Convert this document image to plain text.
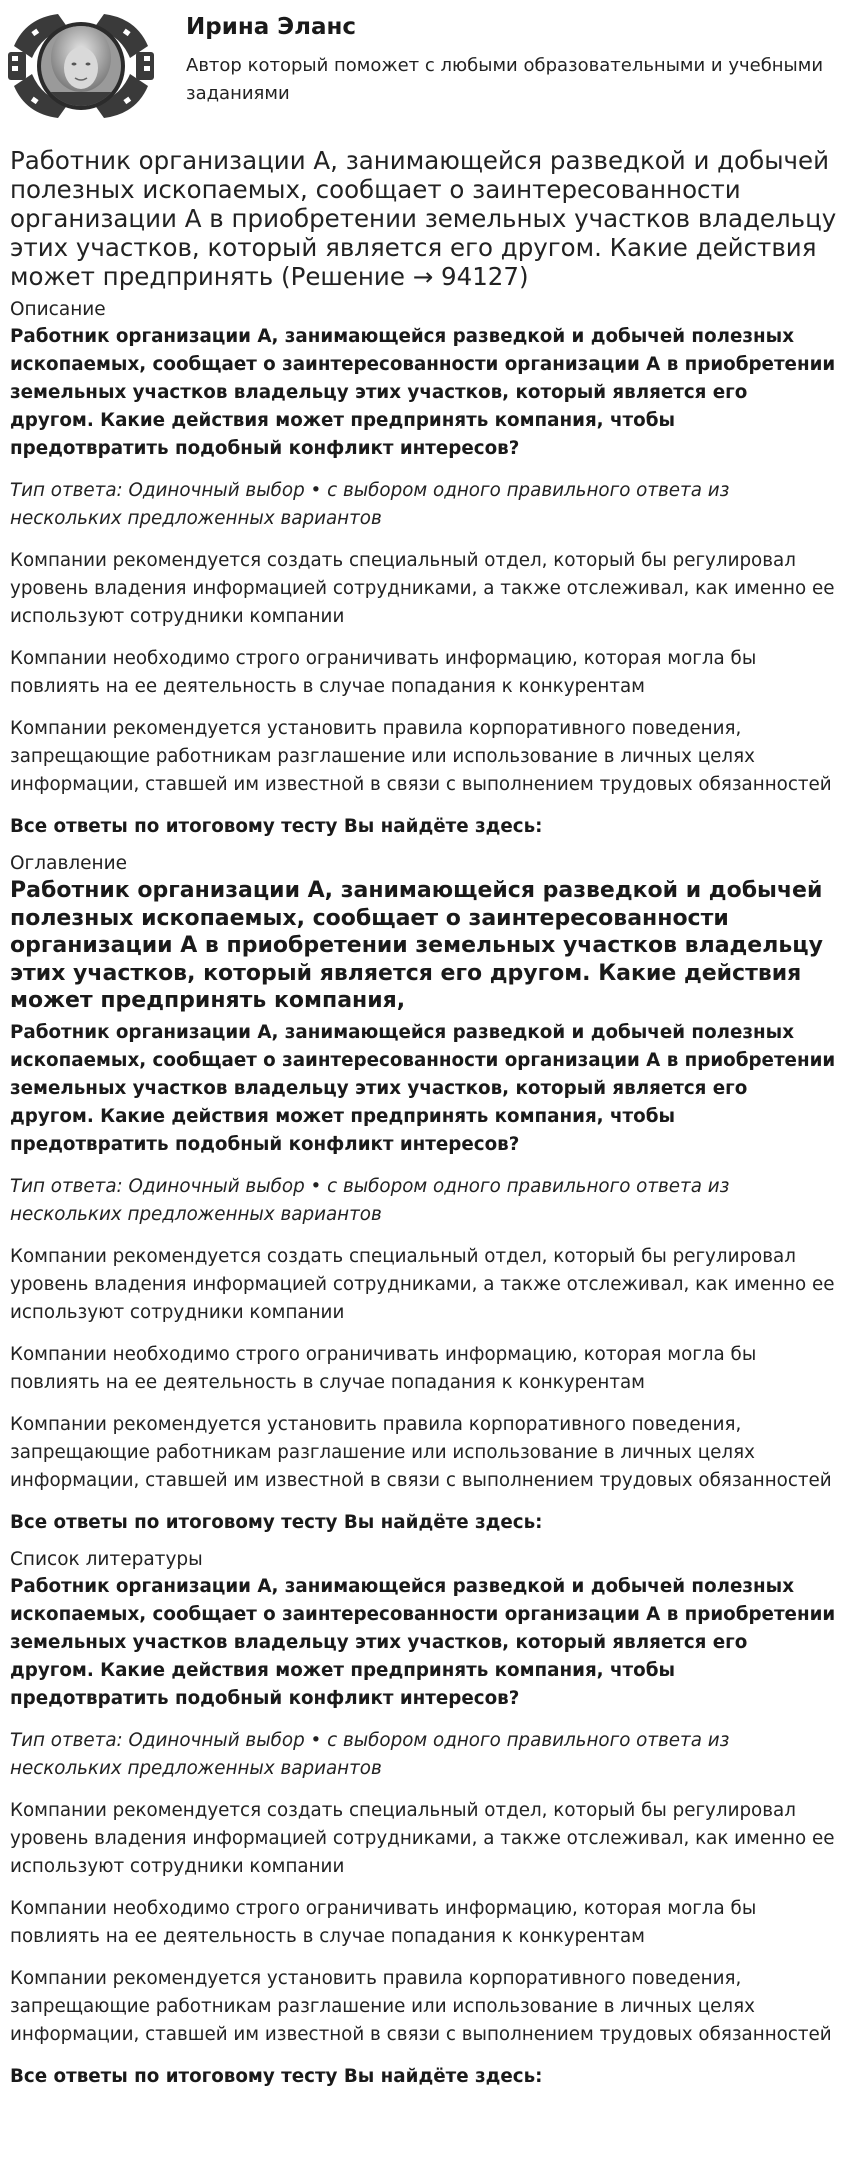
Ирина Эланс
Автор который поможет с любыми образовательными и учебными заданиями
Работник организации А, занимающейся разведкой и добычей полезных ископаемых, сообщает о заинтересованности организации А в приобретении земельных участков владельцу этих участков, который является его другом. Какие действия может предпринять (Решение → 94127)
Описание

Работник организации А, занимающейся разведкой и добычей полезных ископаемых, сообщает о заинтересованности организации А в приобретении земельных участков владельцу этих участков, который является его другом. Какие действия может предпринять компания, чтобы предотвратить подобный конфликт интересов?

Тип ответа: Одиночный выбор • с выбором одного правильного ответа из нескольких предложенных вариантов

Компании рекомендуется создать специальный отдел, который бы регулировал уровень владения информацией сотрудниками, а также отслеживал, как именно ее используют сотрудники компании

Компании необходимо строго ограничивать информацию, которая могла бы повлиять на ее деятельность в случае попадания к конкурентам

Компании рекомендуется установить правила корпоративного поведения, запрещающие работникам разглашение или использование в личных целях информации, ставшей им известной в связи с выполнением трудовых обязанностей

Все ответы по итоговому тесту Вы найдёте здесь:

Оглавление
Работник организации А, занимающейся разведкой и добычей полезных ископаемых, сообщает о заинтересованности организации А в приобретении земельных участков владельцу этих участков, который является его другом. Какие действия может предпринять компания,

Работник организации А, занимающейся разведкой и добычей полезных ископаемых, сообщает о заинтересованности организации А в приобретении земельных участков владельцу этих участков, который является его другом. Какие действия может предпринять компания, чтобы предотвратить подобный конфликт интересов?

Тип ответа: Одиночный выбор • с выбором одного правильного ответа из нескольких предложенных вариантов

Компании рекомендуется создать специальный отдел, который бы регулировал уровень владения информацией сотрудниками, а также отслеживал, как именно ее используют сотрудники компании

Компании необходимо строго ограничивать информацию, которая могла бы повлиять на ее деятельность в случае попадания к конкурентам

Компании рекомендуется установить правила корпоративного поведения, запрещающие работникам разглашение или использование в личных целях информации, ставшей им известной в связи с выполнением трудовых обязанностей

Все ответы по итоговому тесту Вы найдёте здесь:

Список литературы

Работник организации А, занимающейся разведкой и добычей полезных ископаемых, сообщает о заинтересованности организации А в приобретении земельных участков владельцу этих участков, который является его другом. Какие действия может предпринять компания, чтобы предотвратить подобный конфликт интересов?

Тип ответа: Одиночный выбор • с выбором одного правильного ответа из нескольких предложенных вариантов

Компании рекомендуется создать специальный отдел, который бы регулировал уровень владения информацией сотрудниками, а также отслеживал, как именно ее используют сотрудники компании

Компании необходимо строго ограничивать информацию, которая могла бы повлиять на ее деятельность в случае попадания к конкурентам

Компании рекомендуется установить правила корпоративного поведения, запрещающие работникам разглашение или использование в личных целях информации, ставшей им известной в связи с выполнением трудовых обязанностей

Все ответы по итоговому тесту Вы найдёте здесь:
